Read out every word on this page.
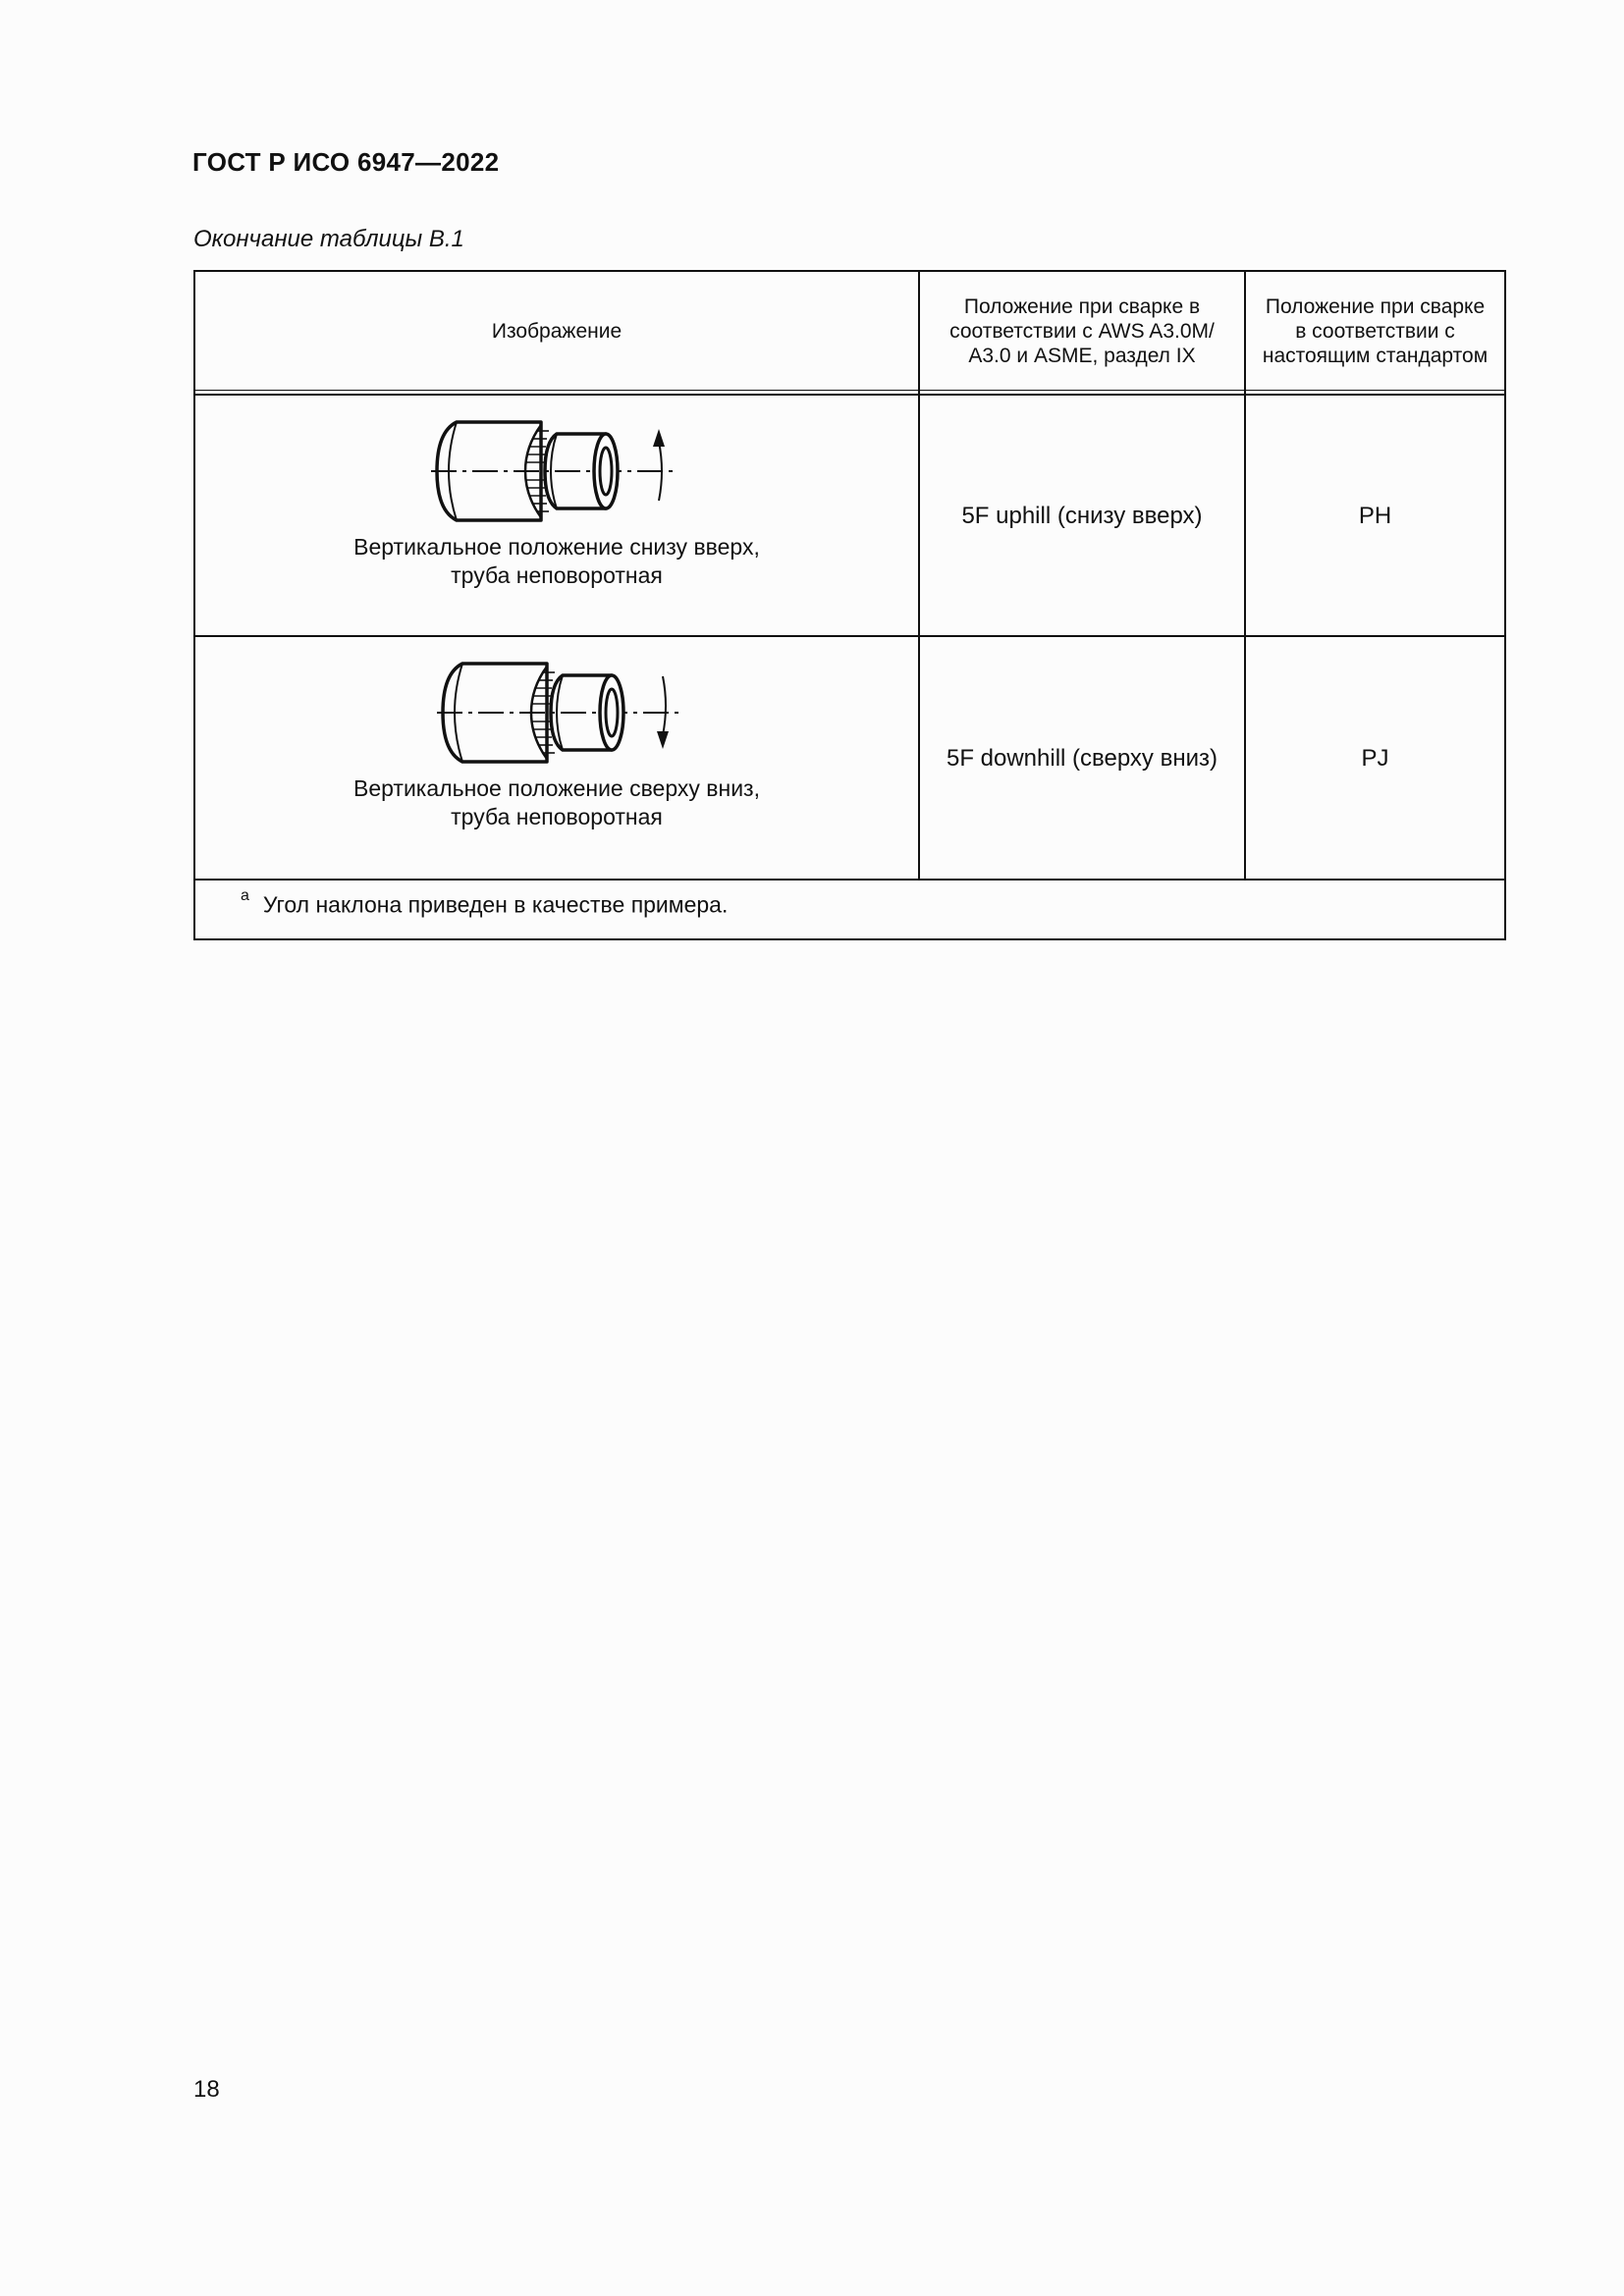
ГОСТ Р ИСО 6947—2022
Окончание таблицы B.1
Изображение
Положение при сварке в соответствии с AWS A3.0M/ A3.0 и ASME, раздел IX
Положение при сварке в соответствии с настоящим стандартом
Вертикальное положение снизу вверх,
труба неповоротная
5F uphill (снизу вверх)	PH
Вертикальное положение сверху вниз,
труба неповоротная
5F downhill (сверху вниз)	PJ
$^a$ Угол наклона приведен в качестве примера.
18
